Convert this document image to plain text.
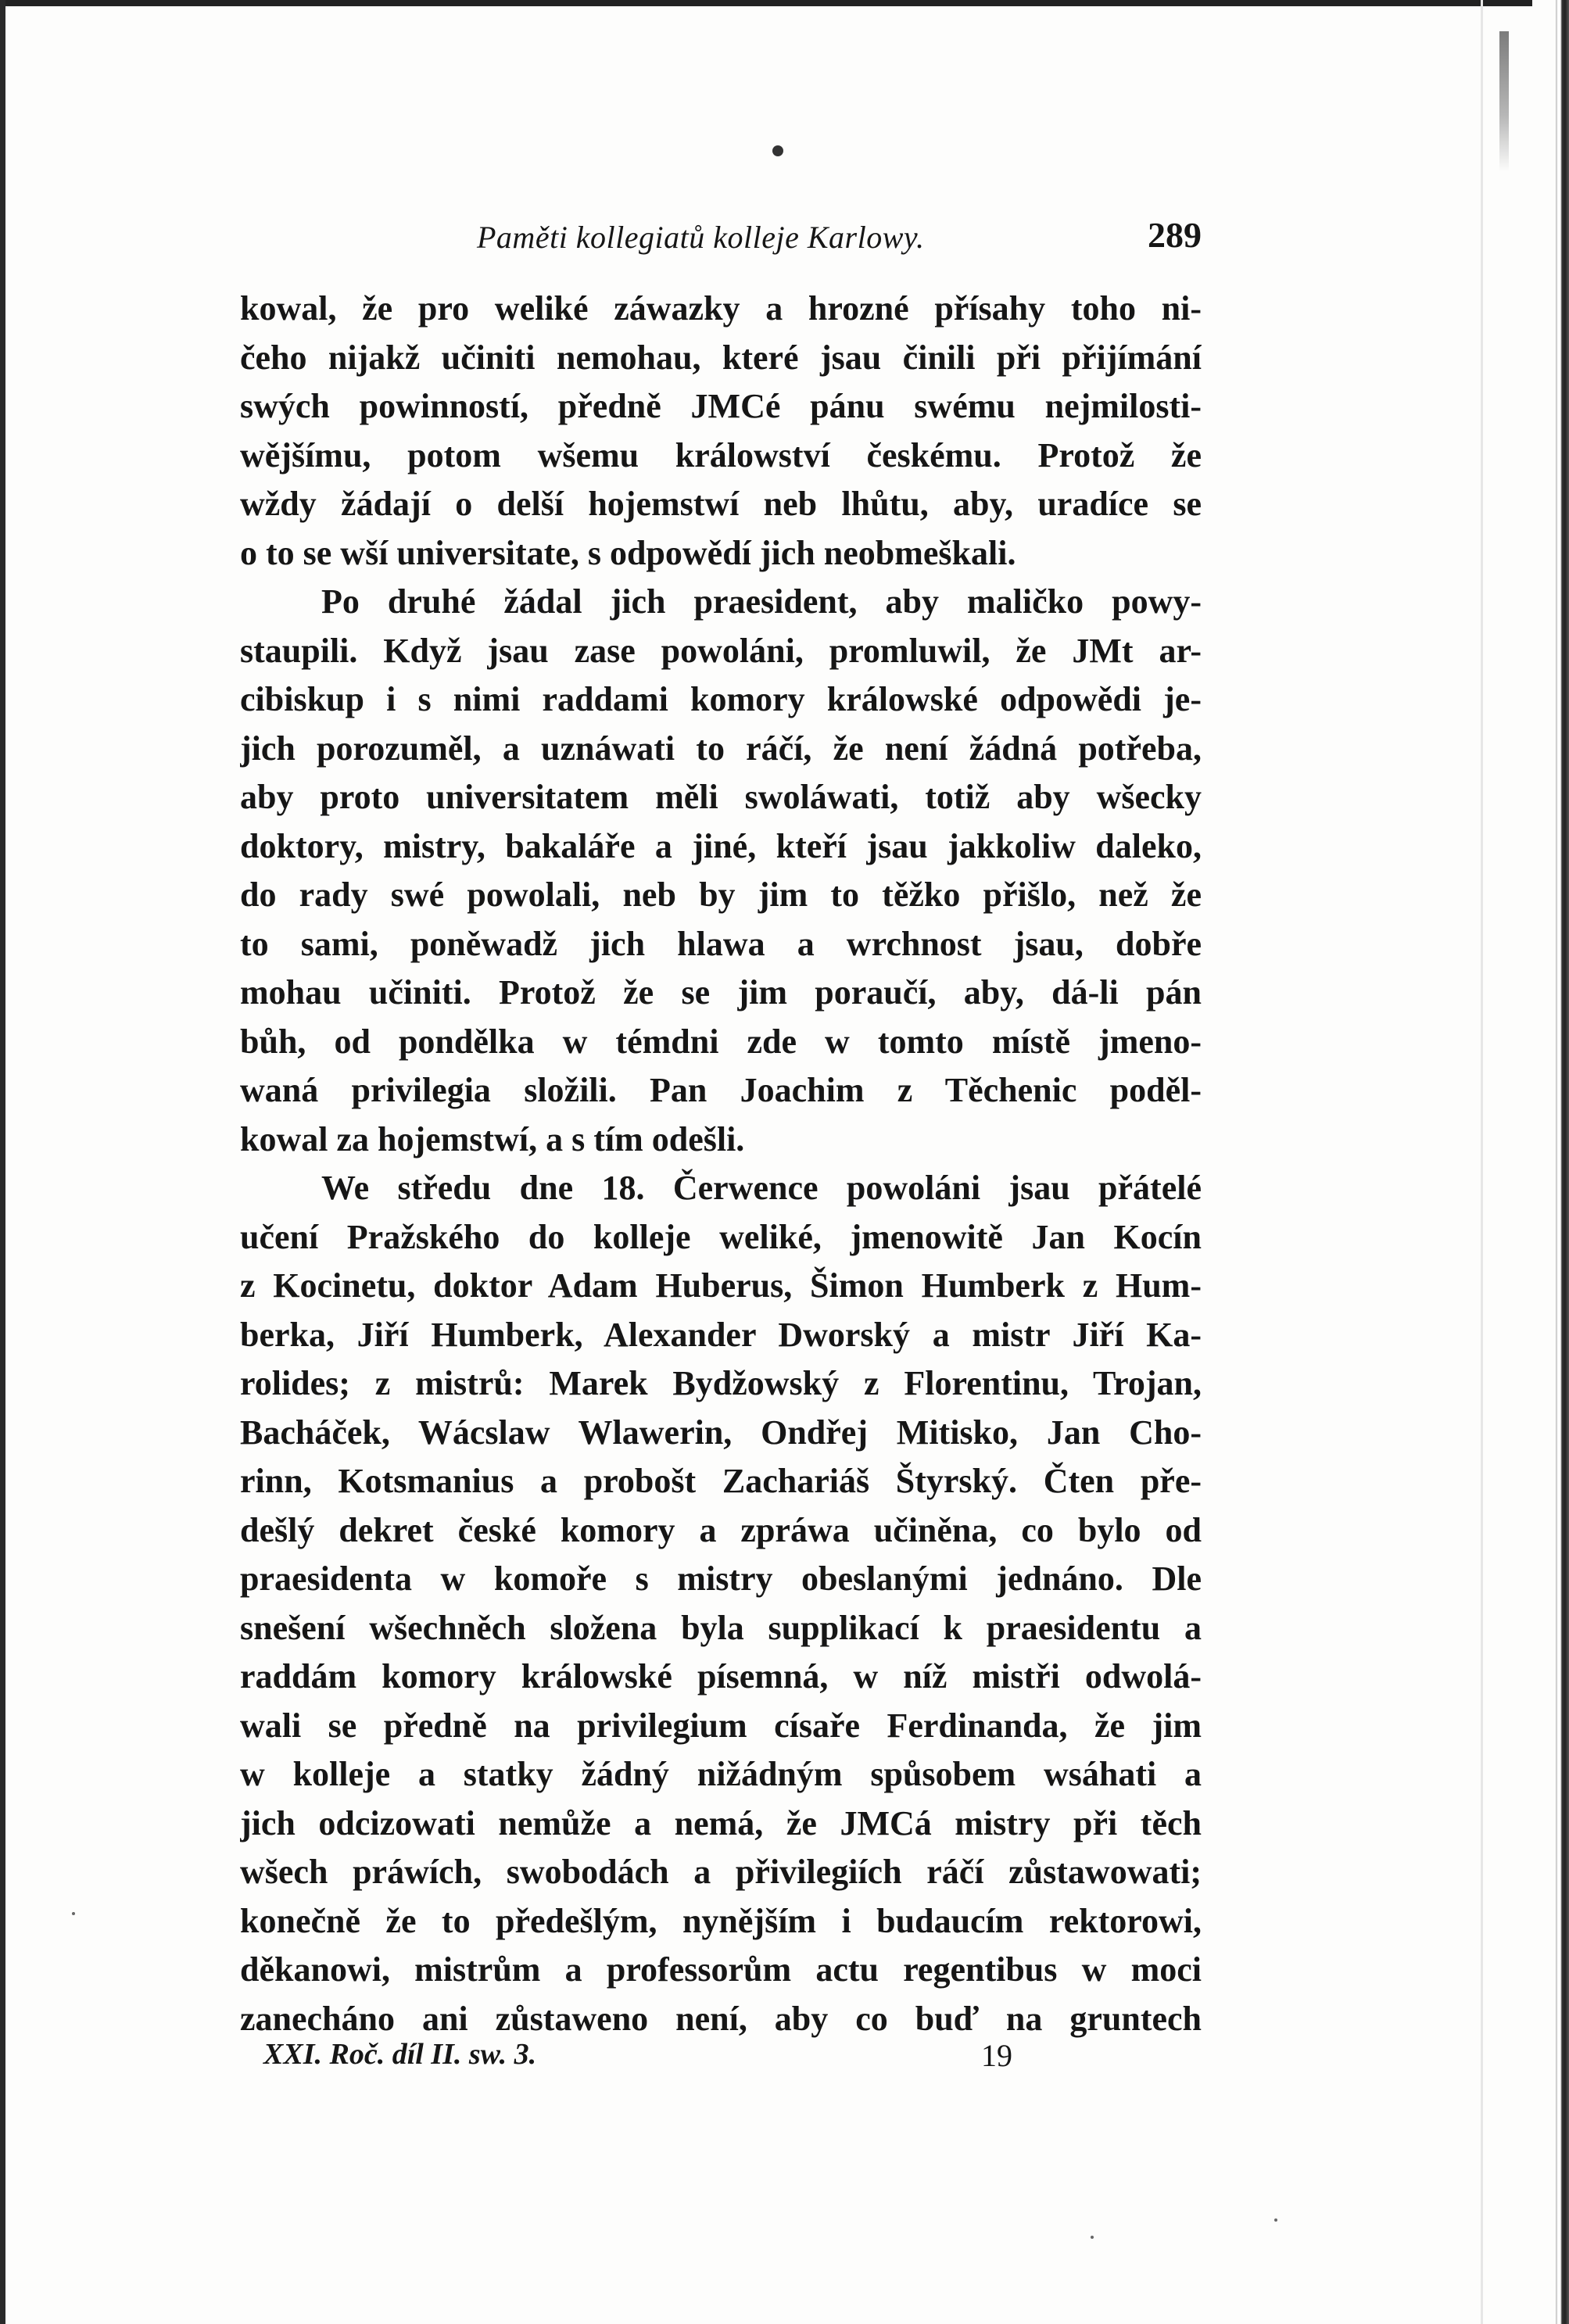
Paměti kollegiatů kolleje Karlowy.	289
kowal, že pro weliké záwazky a hrozné přísahy toho ni-
čeho nijakž učiniti nemohau, které jsau činili při přijímání
swých powinností, předně JMCé pánu swému nejmilosti-
wějšímu, potom wšemu králowství českému. Protož že
wždy žádají o delší hojemstwí neb lhůtu, aby, uradíce se
o to se wší universitate, s odpowědí jich neobmeškali.
Po druhé žádal jich praesident, aby maličko powy-
staupili. Když jsau zase powoláni, promluwil, že JMt ar-
cibiskup i s nimi raddami komory králowské odpowědi je-
jich porozuměl, a uznáwati to ráčí, že není žádná potřeba,
aby proto universitatem měli swoláwati, totiž aby wšecky
doktory, mistry, bakaláře a jiné, kteří jsau jakkoliw daleko,
do rady swé powolali, neb by jim to těžko přišlo, než že
to sami, poněwadž jich hlawa a wrchnost jsau, dobře
mohau učiniti. Protož že se jim poraučí, aby, dá-li pán
bůh, od pondělka w témdni zde w tomto místě jmeno-
waná privilegia složili. Pan Joachim z Těchenic poděl-
kowal za hojemstwí, a s tím odešli.
We středu dne 18. Čerwence powoláni jsau přátelé
učení Pražského do kolleje weliké, jmenowitě Jan Kocín
z Kocinetu, doktor Adam Huberus, Šimon Humberk z Hum-
berka, Jiří Humberk, Alexander Dworský a mistr Jiří Ka-
rolides; z mistrů: Marek Bydžowský z Florentinu, Trojan,
Bacháček, Wácslaw Wlawerin, Ondřej Mitisko, Jan Cho-
rinn, Kotsmanius a probošt Zachariáš Štyrský. Čten pře-
dešlý dekret české komory a zpráwa učiněna, co bylo od
praesidenta w komoře s mistry obeslanými jednáno. Dle
snešení wšechněch složena byla supplikací k praesidentu a
raddám komory králowské písemná, w níž mistři odwolá-
wali se předně na privilegium císaře Ferdinanda, že jim
w kolleje a statky žádný nižádným spůsobem wsáhati a
jich odcizowati nemůže a nemá, že JMCá mistry při těch
wšech práwích, swobodách a přivilegiích ráčí zůstawowati;
konečně že to předešlým, nynějším i budaucím rektorowi,
děkanowi, mistrům a professorům actu regentibus w moci
zanecháno ani zůstaweno není, aby co buď na gruntech
XXI. Roč. díl II. sw. 3.	19
